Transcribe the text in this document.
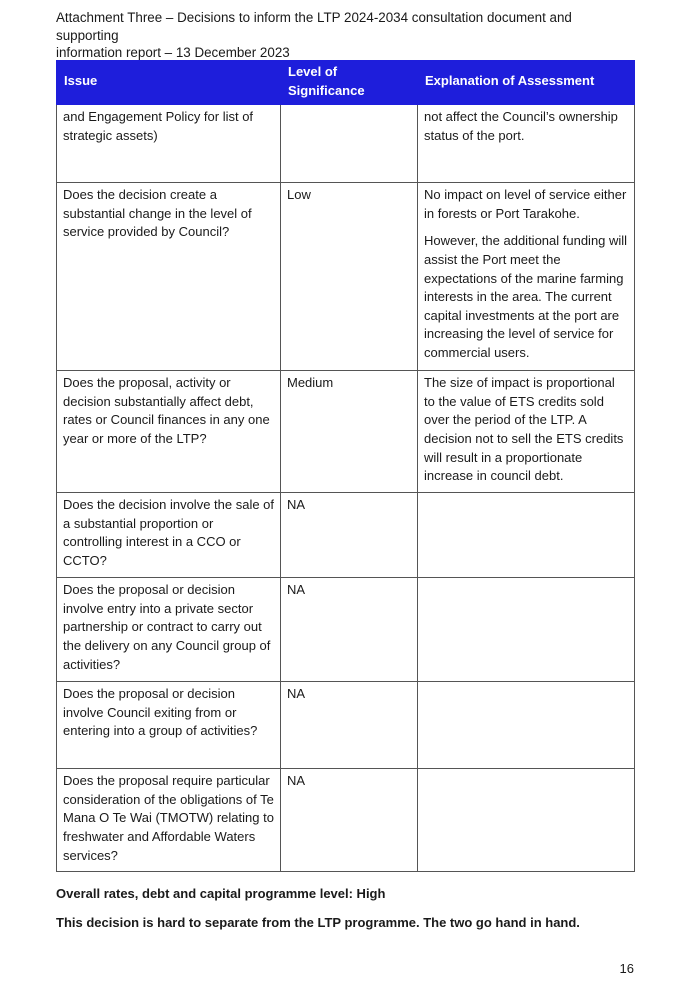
Attachment Three – Decisions to inform the LTP 2024-2034 consultation document and supporting
information report – 13 December 2023
Issue	Level of Significance	Explanation of Assessment
and Engagement Policy for list of strategic assets)		not affect the Council’s ownership status of the port.

Does the decision create a substantial change in the level of service provided by Council?	Low	No impact on level of service either in forests or Port Tarakohe.

However, the additional funding will assist the Port meet the expectations of the marine farming interests in the area. The current capital investments at the port are increasing the level of service for commercial users.

Does the proposal, activity or decision substantially affect debt, rates or Council finances in any one year or more of the LTP?	Medium	The size of impact is proportional to the value of ETS credits sold over the period of the LTP. A decision not to sell the ETS credits will result in a proportionate increase in council debt.

Does the decision involve the sale of a substantial proportion or controlling interest in a CCO or CCTO?	NA	
Does the proposal or decision involve entry into a private sector partnership or contract to carry out the delivery on any Council group of activities?	NA	
Does the proposal or decision involve Council exiting from or entering into a group of activities?	NA	
Does the proposal require particular consideration of the obligations of Te Mana O Te Wai (TMOTW) relating to freshwater and Affordable Waters services?	NA	
Overall rates, debt and capital programme level: High
This decision is hard to separate from the LTP programme. The two go hand in hand.
16
